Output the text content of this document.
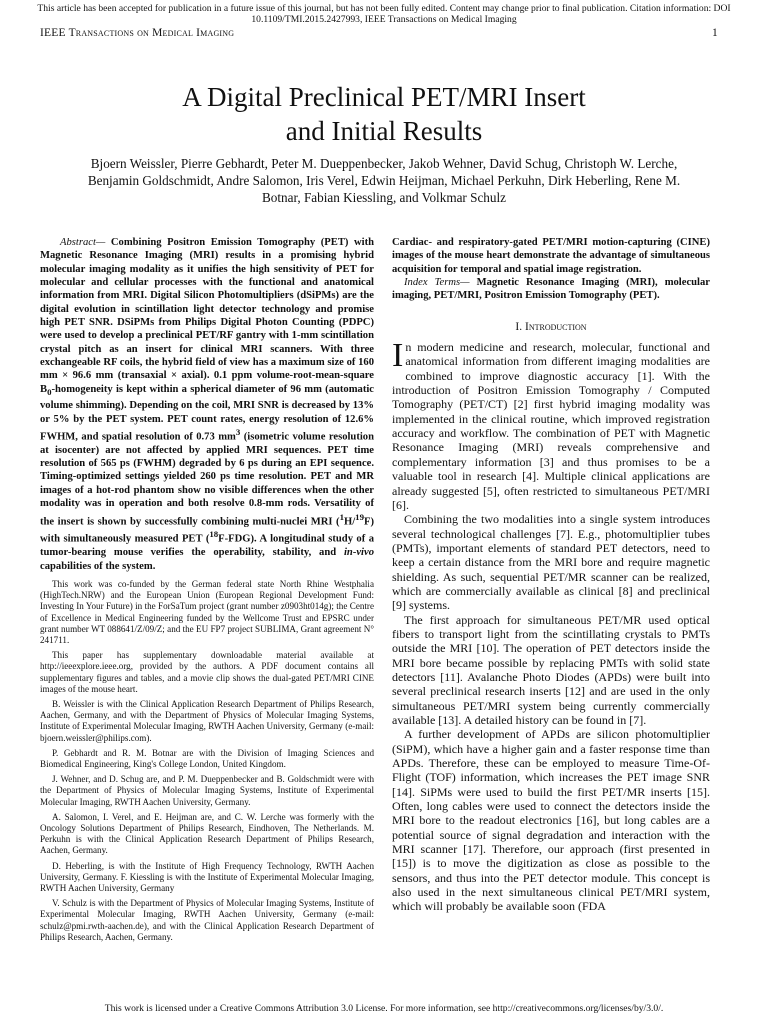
This article has been accepted for publication in a future issue of this journal, but has not been fully edited. Content may change prior to final publication. Citation information: DOI 10.1109/TMI.2015.2427993, IEEE Transactions on Medical Imaging
IEEE Transactions on Medical Imaging	1
A Digital Preclinical PET/MRI Insert
and Initial Results
Bjoern Weissler, Pierre Gebhardt, Peter M. Dueppenbecker, Jakob Wehner, David Schug, Christoph W. Lerche, Benjamin Goldschmidt, Andre Salomon, Iris Verel, Edwin Heijman, Michael Perkuhn, Dirk Heberling, Rene M. Botnar, Fabian Kiessling, and Volkmar Schulz

Abstract— Combining Positron Emission Tomography (PET) with Magnetic Resonance Imaging (MRI) results in a promising hybrid molecular imaging modality as it unifies the high sensitivity of PET for molecular and cellular processes with the functional and anatomical information from MRI. Digital Silicon Photomultipliers (dSiPMs) are the digital evolution in scintillation light detector technology and promise high PET SNR. DSiPMs from Philips Digital Photon Counting (PDPC) were used to develop a preclinical PET/RF gantry with 1-mm scintillation crystal pitch as an insert for clinical MRI scanners. With three exchangeable RF coils, the hybrid field of view has a maximum size of 160 mm × 96.6 mm (transaxial × axial). 0.1 ppm volume-root-mean-square $B_0$-homogeneity is kept within a spherical diameter of 96 mm (automatic volume shimming). Depending on the coil, MRI SNR is decreased by 13% or 5% by the PET system. PET count rates, energy resolution of 12.6% FWHM, and spatial resolution of 0.73 $mm^3$ (isometric volume resolution at isocenter) are not affected by applied MRI sequences. PET time resolution of 565 ps (FWHM) degraded by 6 ps during an EPI sequence. Timing-optimized settings yielded 260 ps time resolution. PET and MR images of a hot-rod phantom show no visible differences when the other modality was in operation and both resolve 0.8-mm rods. Versatility of the insert is shown by successfully combining multi-nuclei MRI ($^1$H/$^{19}$F) with simultaneously measured PET ($^{18}$F-FDG). A longitudinal study of a tumor-bearing mouse verifies the operability, stability, and in-vivo capabilities of the system.

This work was co-funded by the German federal state North Rhine Westphalia (HighTech.NRW) and the European Union (European Regional Development Fund: Investing In Your Future) in the ForSaTum project (grant number z0903ht014g); the Centre of Excellence in Medical Engineering funded by the Wellcome Trust and EPSRC under grant number WT 088641/Z/09/Z; and the EU FP7 project SUBLIMA, Grant agreement N° 241711.

This paper has supplementary downloadable material available at http://ieeexplore.ieee.org, provided by the authors. A PDF document contains all supplementary figures and tables, and a movie clip shows the dual-gated PET/MRI CINE images of the mouse heart.

B. Weissler is with the Clinical Application Research Department of Philips Research, Aachen, Germany, and with the Department of Physics of Molecular Imaging Systems, Institute of Experimental Molecular Imaging, RWTH Aachen University, Germany (e-mail: bjoern.weissler@philips.com).

P. Gebhardt and R. M. Botnar are with the Division of Imaging Sciences and Biomedical Engineering, King's College London, United Kingdom.

J. Wehner, and D. Schug are, and P. M. Dueppenbecker and B. Goldschmidt were with the Department of Physics of Molecular Imaging Systems, Institute of Experimental Molecular Imaging, RWTH Aachen University, Germany.

A. Salomon, I. Verel, and E. Heijman are, and C. W. Lerche was formerly with the Oncology Solutions Department of Philips Research, Eindhoven, The Netherlands. M. Perkuhn is with the Clinical Application Research Department of Philips Research, Aachen, Germany.

D. Heberling, is with the Institute of High Frequency Technology, RWTH Aachen University, Germany. F. Kiessling is with the Institute of Experimental Molecular Imaging, RWTH Aachen University, Germany

V. Schulz is with the Department of Physics of Molecular Imaging Systems, Institute of Experimental Molecular Imaging, RWTH Aachen University, Germany (e-mail: schulz@pmi.rwth-aachen.de), and with the Clinical Application Research Department of Philips Research, Aachen, Germany.

Cardiac- and respiratory-gated PET/MRI motion-capturing (CINE) images of the mouse heart demonstrate the advantage of simultaneous acquisition for temporal and spatial image registration.

Index Terms— Magnetic Resonance Imaging (MRI), molecular imaging, PET/MRI, Positron Emission Tomography (PET).

I. Introduction

In modern medicine and research, molecular, functional and anatomical information from different imaging modalities are combined to improve diagnostic accuracy [1]. With the introduction of Positron Emission Tomography / Computed Tomography (PET/CT) [2] first hybrid imaging modality was implemented in the clinical routine, which improved registration accuracy and workflow. The combination of PET with Magnetic Resonance Imaging (MRI) reveals comprehensive and complementary information [3] and thus promises to be a valuable tool in research [4]. Multiple clinical applications are already suggested [5], often restricted to simultaneous PET/MRI [6].

Combining the two modalities into a single system introduces several technological challenges [7]. E.g., photomultiplier tubes (PMTs), important elements of standard PET detectors, need to keep a certain distance from the MRI bore and require magnetic shielding. As such, sequential PET/MR scanner can be realized, which are commercially available as clinical [8] and preclinical [9] systems.

The first approach for simultaneous PET/MR used optical fibers to transport light from the scintillating crystals to PMTs outside the MRI [10]. The operation of PET detectors inside the MRI bore became possible by replacing PMTs with solid state detectors [11]. Avalanche Photo Diodes (APDs) were built into several preclinical research inserts [12] and are used in the only simultaneous PET/MRI system being currently commercially available [13]. A detailed history can be found in [7].

A further development of APDs are silicon photomultiplier (SiPM), which have a higher gain and a faster response time than APDs. Therefore, these can be employed to measure Time-Of-Flight (TOF) information, which increases the PET image SNR [14]. SiPMs were used to build the first PET/MR inserts [15]. Often, long cables were used to connect the detectors inside the MRI bore to the readout electronics [16], but long cables are a potential source of signal degradation and interaction with the MRI scanner [17]. Therefore, our approach (first presented in [15]) is to move the digitization as close as possible to the sensors, and thus into the PET detector module. This concept is also used in the next simultaneous clinical PET/MRI system, which will probably be available soon (FDA

This work is licensed under a Creative Commons Attribution 3.0 License. For more information, see http://creativecommons.org/licenses/by/3.0/.
